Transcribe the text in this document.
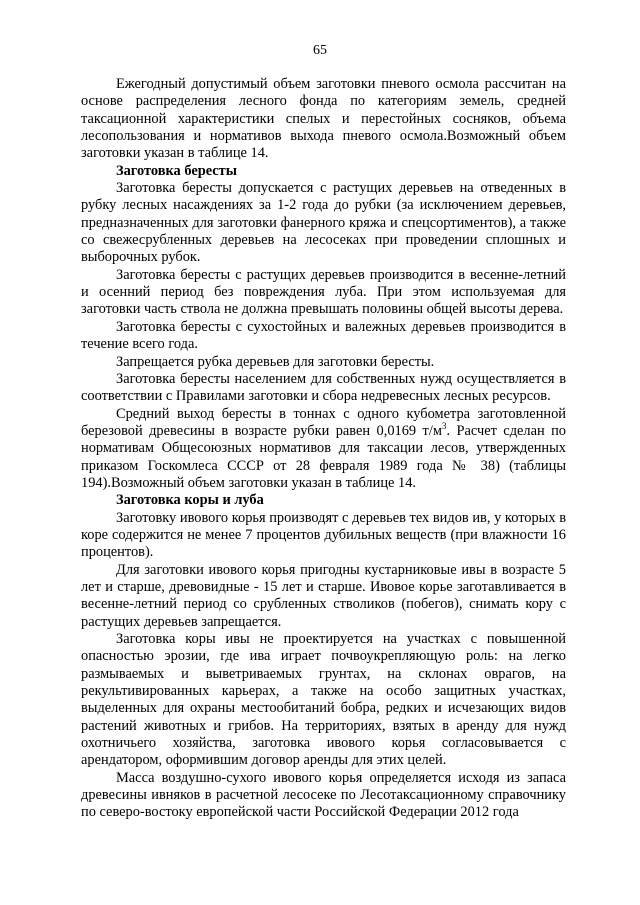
65

Ежегодный допустимый объем заготовки пневого осмола рассчитан на основе распределения лесного фонда по категориям земель, средней таксационной характеристики спелых и перестойных сосняков, объема лесопользования и нормативов выхода пневого осмола.Возможный объем заготовки указан в таблице 14.

Заготовка бересты

Заготовка бересты допускается с растущих деревьев на отведенных в рубку лесных насаждениях за 1-2 года до рубки (за исключением деревьев, предназначенных для заготовки фанерного кряжа и спецсортиментов), а также со свежесрубленных деревьев на лесосеках при проведении сплошных и выборочных рубок.

Заготовка бересты с растущих деревьев производится в весенне-летний и осенний период без повреждения луба. При этом используемая для заготовки часть ствола не должна превышать половины общей высоты дерева.

Заготовка бересты с сухостойных и валежных деревьев производится в течение всего года.

Запрещается рубка деревьев для заготовки бересты.

Заготовка бересты населением для собственных нужд осуществляется в соответствии с Правилами заготовки и сбора недревесных лесных ресурсов.

Средний выход бересты в тоннах с одного кубометра заготовленной березовой древесины в возрасте рубки равен 0,0169 $т/м^3$. Расчет сделан по нормативам Общесоюзных нормативов для таксации лесов, утвержденных приказом Госкомлеса СССР от 28 февраля 1989 года № 38) (таблицы 194).Возможный объем заготовки указан в таблице 14.

Заготовка коры и луба

Заготовку ивового корья производят с деревьев тех видов ив, у которых в коре содержится не менее 7 процентов дубильных веществ (при влажности 16 процентов).

Для заготовки ивового корья пригодны кустарниковые ивы в возрасте 5 лет и старше, древовидные - 15 лет и старше. Ивовое корье заготавливается в весенне-летний период со срубленных стволиков (побегов), снимать кору с растущих деревьев запрещается.

Заготовка коры ивы не проектируется на участках с повышенной опасностью эрозии, где ива играет почвоукрепляющую роль: на легко размываемых и выветриваемых грунтах, на склонах оврагов, на рекультивированных карьерах, а также на особо защитных участках, выделенных для охраны местообитаний бобра, редких и исчезающих видов растений животных и грибов. На территориях, взятых в аренду для нужд охотничьего хозяйства, заготовка ивового корья согласовывается с арендатором, оформившим договор аренды для этих целей.

Масса воздушно-сухого ивового корья определяется исходя из запаса древесины ивняков в расчетной лесосеке по Лесотаксационному справочнику по северо-востоку европейской части Российской Федерации 2012 года
